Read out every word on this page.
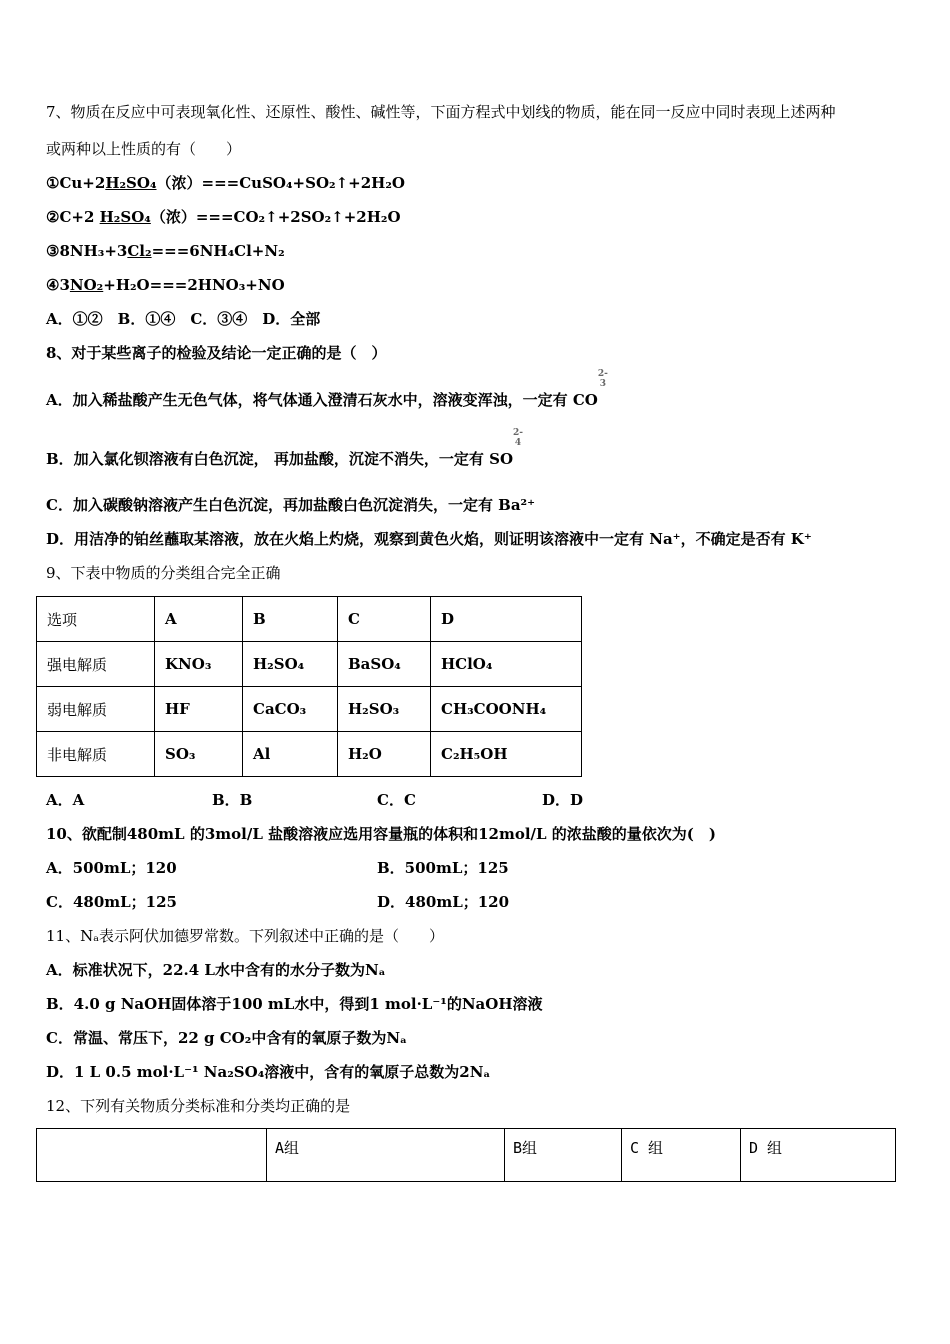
7、物质在反应中可表现氧化性、还原性、酸性、碱性等，下面方程式中划线的物质，能在同一反应中同时表现上述两种
或两种以上性质的有（　　）
①Cu+2H₂SO₄（浓）===CuSO₄+SO₂↑+2H₂O
②C+2 H₂SO₄（浓）===CO₂↑+2SO₂↑+2H₂O
③8NH₃+3Cl₂===6NH₄Cl+N₂
④3NO₂+H₂O===2HNO₃+NO
A．①②　B．①④　C．③④　D．全部
8、对于某些离子的检验及结论一定正确的是（　）
A．加入稀盐酸产生无色气体，将气体通入澄清石灰水中，溶液变浑浊，一定有 CO
2-
3
B．加入氯化钡溶液有白色沉淀， 再加盐酸，沉淀不消失，一定有 SO
2-
4
C．加入碳酸钠溶液产生白色沉淀，再加盐酸白色沉淀消失，一定有 Ba²⁺
D．用洁净的铂丝蘸取某溶液，放在火焰上灼烧，观察到黄色火焰，则证明该溶液中一定有 Na⁺，不确定是否有 K⁺
9、下表中物质的分类组合完全正确
选项	A	B	C	D
强电解质	KNO₃	H₂SO₄	BaSO₄	HClO₄
弱电解质	HF	CaCO₃	H₂SO₃	CH₃COONH₄
非电解质	SO₃	Al	H₂O	C₂H₅OH
A．A	B．B	C．C	D．D
10、欲配制480mL 的3mol/L 盐酸溶液应选用容量瓶的体积和12mol/L 的浓盐酸的量依次为(　)
A．500mL；120	B．500mL；125
C．480mL；125	D．480mL；120
11、Nₐ表示阿伏加德罗常数。下列叙述中正确的是（　　）
A．标准状况下，22.4 L水中含有的水分子数为Nₐ
B．4.0 g NaOH固体溶于100 mL水中，得到1 mol·L⁻¹的NaOH溶液
C．常温、常压下，22 g CO₂中含有的氧原子数为Nₐ
D．1 L 0.5 mol·L⁻¹ Na₂SO₄溶液中，含有的氧原子总数为2Nₐ
12、下列有关物质分类标准和分类均正确的是
	A组	B组	C 组	D 组
